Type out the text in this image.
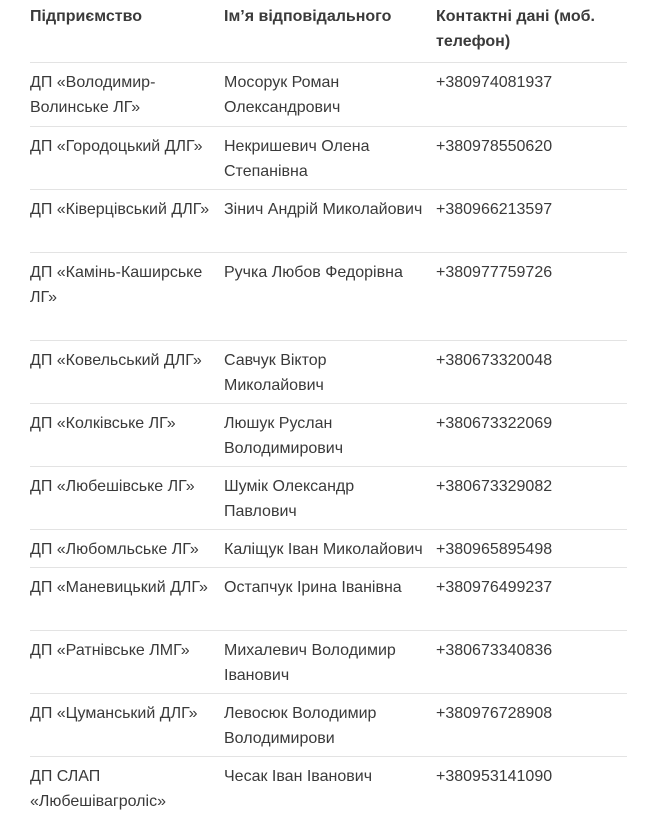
Підприємство	Ім’я відповідального	Контактні дані (моб. телефон)
ДП «Володимир-Волинське ЛГ»	Мосорук Роман Олександрович	+380974081937
ДП «Городоцький ДЛГ»	Некришевич Олена Степанівна	+380978550620
ДП «Ківерцівський ДЛГ»	Зінич Андрій Миколайович	+380966213597
ДП «Камінь-Каширське ЛГ»	Ручка Любов Федорівна	+380977759726
ДП «Ковельський ДЛГ»	Савчук Віктор Миколайович	+380673320048
ДП «Колківське ЛГ»	Люшук Руслан Володимирович	+380673322069
ДП «Любешівське ЛГ»	Шумік Олександр Павлович	+380673329082
ДП «Любомльське ЛГ»	Каліщук Іван Миколайович	+380965895498
ДП «Маневицький ДЛГ»	Остапчук Ірина Іванівна	+380976499237
ДП «Ратнівське ЛМГ»	Михалевич Володимир Іванович	+380673340836
ДП «Цуманський ДЛГ»	Левосюк Володимир Володимирови	+380976728908
ДП СЛАП «Любешівагроліс»	Чесак Іван Іванович	+380953141090
